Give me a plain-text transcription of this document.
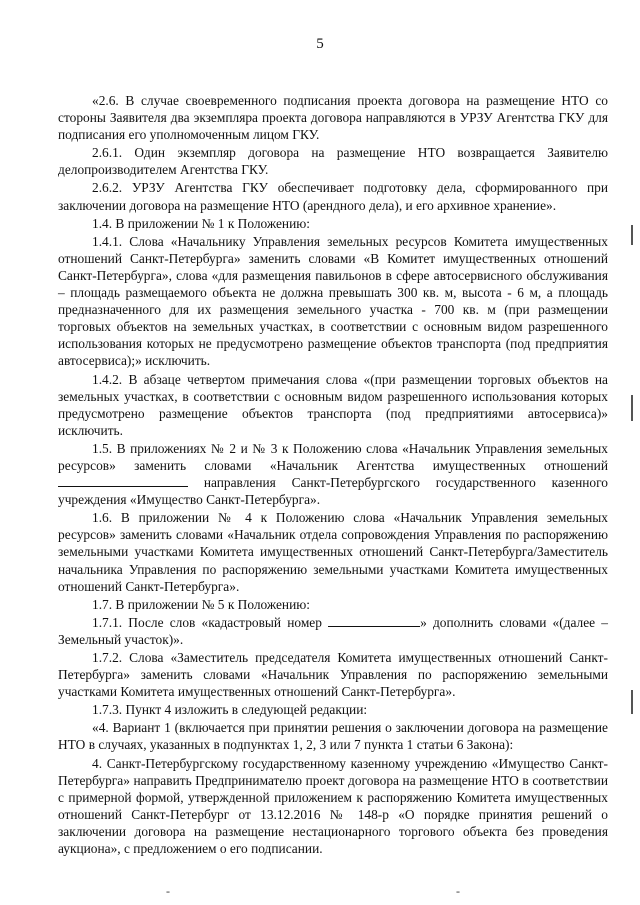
5

«2.6. В случае своевременного подписания проекта договора на размещение НТО со стороны Заявителя два экземпляра проекта договора направляются в УРЗУ Агентства ГКУ для подписания его уполномоченным лицом ГКУ.

2.6.1. Один экземпляр договора на размещение НТО возвращается Заявителю делопроизводителем Агентства ГКУ.

2.6.2. УРЗУ Агентства ГКУ обеспечивает подготовку дела, сформированного при заключении договора на размещение НТО (арендного дела), и его архивное хранение».

1.4. В приложении № 1 к Положению:

1.4.1. Слова «Начальнику Управления земельных ресурсов Комитета имущественных отношений Санкт-Петербурга» заменить словами «В Комитет имущественных отношений Санкт-Петербурга», слова «для размещения павильонов в сфере автосервисного обслуживания – площадь размещаемого объекта не должна превышать 300 кв. м, высота - 6 м, а площадь предназначенного для их размещения земельного участка - 700 кв. м (при размещении торговых объектов на земельных участках, в соответствии с основным видом разрешенного использования которых не предусмотрено размещение объектов транспорта (под предприятия автосервиса);» исключить.

1.4.2. В абзаце четвертом примечания слова «(при размещении торговых объектов на земельных участках, в соответствии с основным видом разрешенного использования которых предусмотрено размещение объектов транспорта (под предприятиями автосервиса)» исключить.

1.5. В приложениях № 2 и № 3 к Положению слова «Начальник Управления земельных ресурсов» заменить словами «Начальник Агентства имущественных отношений  направления Санкт-Петербургского государственного казенного учреждения «Имущество Санкт-Петербурга».

1.6. В приложении № 4 к Положению слова «Начальник Управления земельных ресурсов» заменить словами «Начальник отдела сопровождения Управления по распоряжению земельными участками Комитета имущественных отношений Санкт-Петербурга/Заместитель начальника Управления по распоряжению земельными участками Комитета имущественных отношений Санкт-Петербурга».

1.7. В приложении № 5 к Положению:

1.7.1. После слов «кадастровый номер	» дополнить словами «(далее – Земельный участок)».

1.7.2. Слова «Заместитель председателя Комитета имущественных отношений Санкт-Петербурга» заменить словами «Начальник Управления по распоряжению земельными участками Комитета имущественных отношений Санкт-Петербурга».

1.7.3. Пункт 4 изложить в следующей редакции:

«4. Вариант 1 (включается при принятии решения о заключении договора на размещение НТО в случаях, указанных в подпунктах 1, 2, 3 или 7 пункта 1 статьи 6 Закона):

4. Санкт-Петербургскому государственному казенному учреждению «Имущество Санкт-Петербурга» направить Предпринимателю проект договора на размещение НТО в соответствии с примерной формой, утвержденной приложением к распоряжению Комитета имущественных отношений Санкт-Петербург от 13.12.2016 № 148-р «О порядке принятия решений о заключении договора на размещение нестационарного торгового объекта без проведения аукциона», с предложением о его подписании.

-	-
